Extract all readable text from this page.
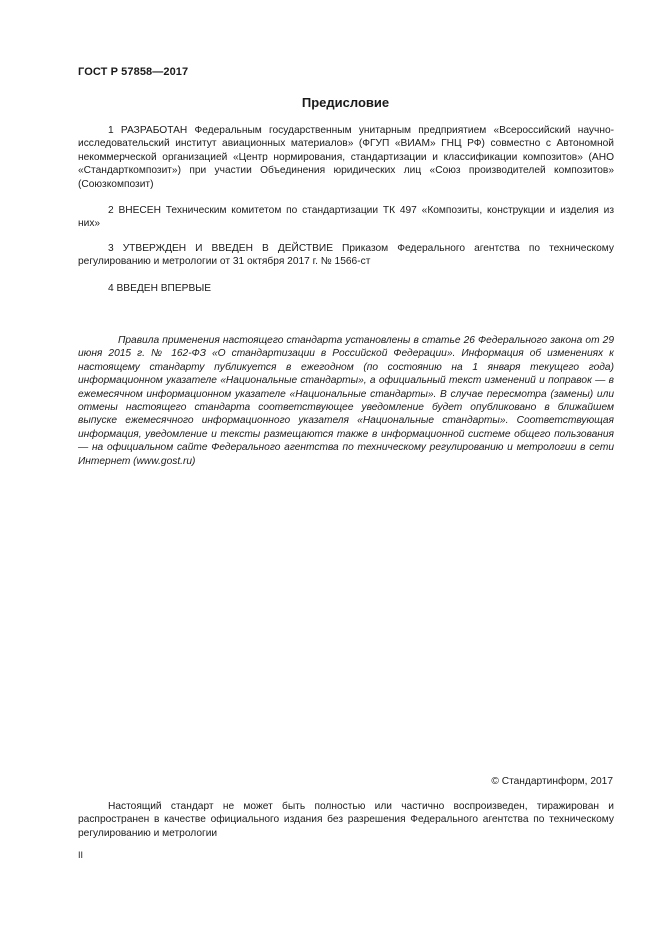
ГОСТ Р 57858—2017
Предисловие
1 РАЗРАБОТАН Федеральным государственным унитарным предприятием «Всероссийский научно-исследовательский институт авиационных материалов» (ФГУП «ВИАМ» ГНЦ РФ) совместно с Автономной некоммерческой организацией «Центр нормирования, стандартизации и классификации композитов» (АНО «Стандарткомпозит») при участии Объединения юридических лиц «Союз производителей композитов» (Союзкомпозит)
2 ВНЕСЕН Техническим комитетом по стандартизации ТК 497 «Композиты, конструкции и изделия из них»
3 УТВЕРЖДЕН И ВВЕДЕН В ДЕЙСТВИЕ Приказом Федерального агентства по техническому регулированию и метрологии от 31 октября 2017 г. № 1566-ст
4 ВВЕДЕН ВПЕРВЫЕ
Правила применения настоящего стандарта установлены в статье 26 Федерального закона от 29 июня 2015 г. № 162-ФЗ «О стандартизации в Российской Федерации». Информация об изменениях к настоящему стандарту публикуется в ежегодном (по состоянию на 1 января текущего года) информационном указателе «Национальные стандарты», а официальный текст изменений и поправок — в ежемесячном информационном указателе «Национальные стандарты». В случае пересмотра (замены) или отмены настоящего стандарта соответствующее уведомление будет опубликовано в ближайшем выпуске ежемесячного информационного указателя «Национальные стандарты». Соответствующая информация, уведомление и тексты размещаются также в информационной системе общего пользования — на официальном сайте Федерального агентства по техническому регулированию и метрологии в сети Интернет (www.gost.ru)
© Стандартинформ, 2017
Настоящий стандарт не может быть полностью или частично воспроизведен, тиражирован и распространен в качестве официального издания без разрешения Федерального агентства по техническому регулированию и метрологии
II
